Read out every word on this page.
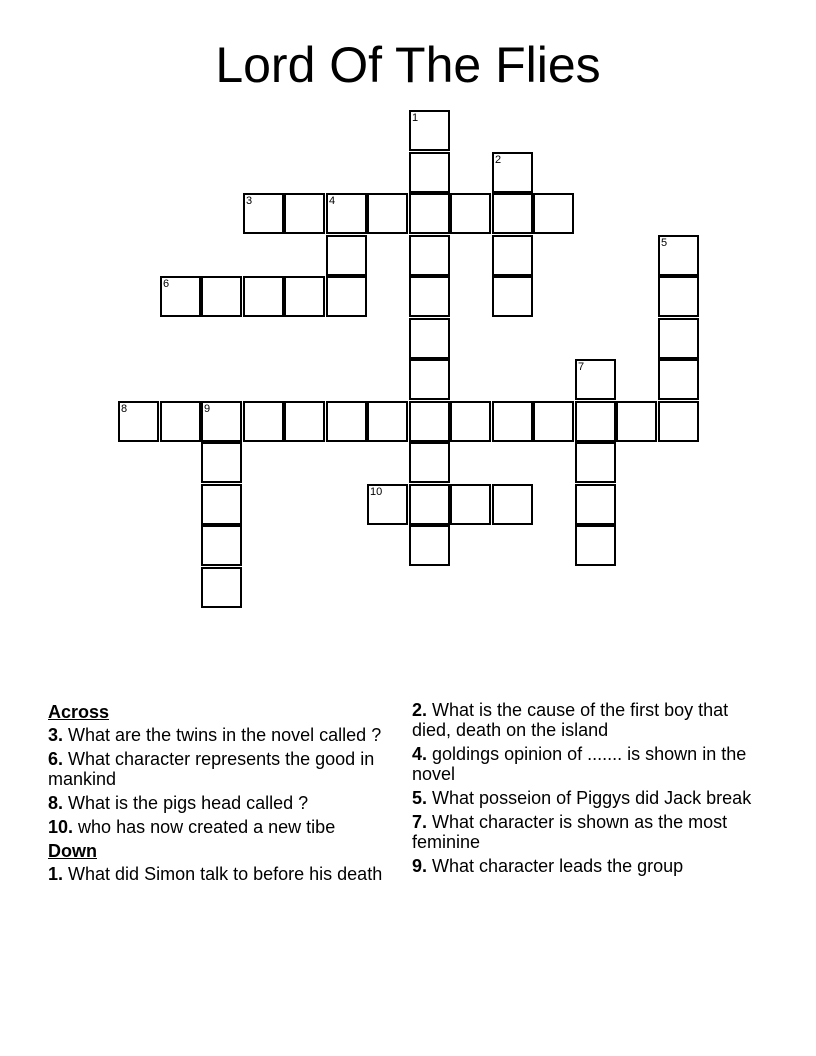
Lord Of The Flies
1
2
3	4
5
6
7
8	9
10
Across
3. What are the twins in the novel called ?
6. What character represents the good in mankind
8. What is the pigs head called ?
10. who has now created a new tibe
Down
1. What did Simon talk to before his death
2. What is the cause of the first boy that died, death on the island
4. goldings opinion of ....... is shown in the novel
5. What posseion of Piggys did Jack break
7. What character is shown as the most feminine
9. What character leads the group
